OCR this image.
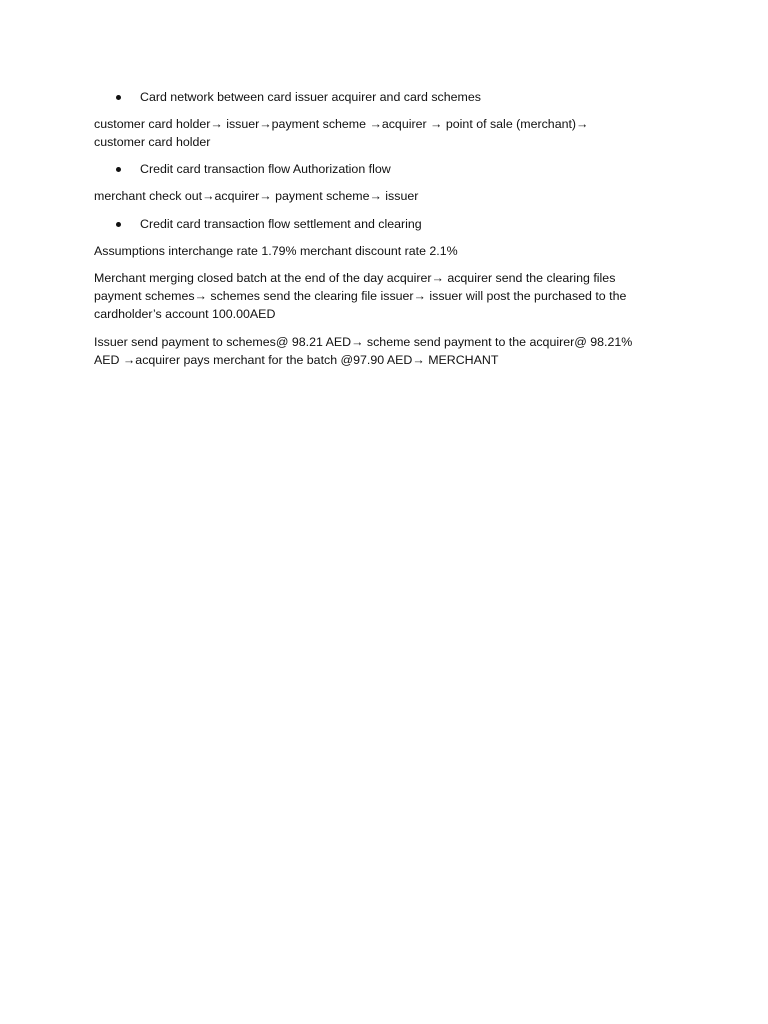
Card network between card issuer acquirer and card schemes
customer card holder→ issuer→payment scheme →acquirer → point of sale (merchant)→
customer card holder
Credit card transaction flow Authorization flow
merchant check out→acquirer→ payment scheme→ issuer
Credit card transaction flow settlement and clearing
Assumptions interchange rate 1.79% merchant discount rate 2.1%
Merchant merging closed batch at the end of the day acquirer→ acquirer send the clearing files
payment schemes→ schemes send the clearing file issuer→ issuer will post the purchased to the
cardholder’s account 100.00AED
Issuer send payment to schemes@ 98.21 AED→ scheme send payment to the acquirer@ 98.21%
AED →acquirer pays merchant for the batch @97.90 AED→ MERCHANT
